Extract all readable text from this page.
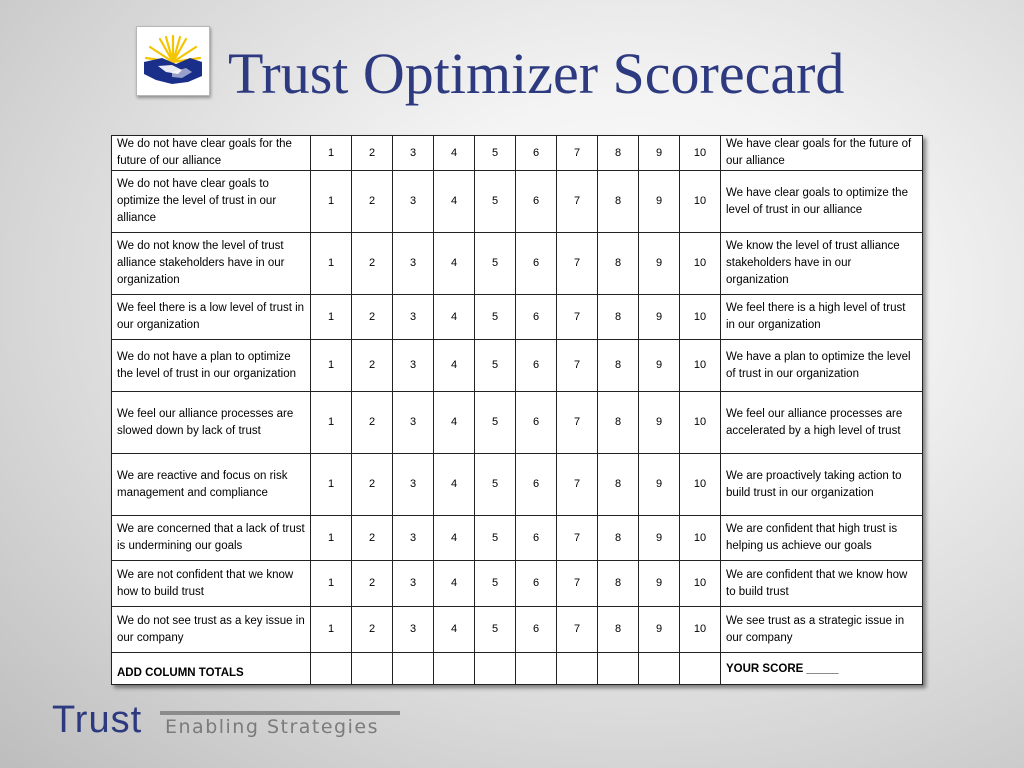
Trust Optimizer Scorecard
We do not have clear goals for the future of our alliance	1	2	3	4	5	6	7	8	9	10	We have clear goals for the future of our alliance
We do not have clear goals to optimize the level of trust in our alliance	1	2	3	4	5	6	7	8	9	10	We have clear goals to optimize the level of trust in our alliance
We do not know the level of trust alliance stakeholders have in our organization	1	2	3	4	5	6	7	8	9	10	We know the level of trust alliance stakeholders have in our organization
We feel there is a low level of trust in our organization	1	2	3	4	5	6	7	8	9	10	We feel there is a high level of trust in our organization
We do not have a plan to optimize the level of trust in our organization	1	2	3	4	5	6	7	8	9	10	We have a plan to optimize the level of trust in our organization
We feel our alliance processes are slowed down by lack of trust	1	2	3	4	5	6	7	8	9	10	We feel our alliance processes are accelerated by a high level of trust
We are reactive and focus on risk management and compliance	1	2	3	4	5	6	7	8	9	10	We are proactively taking action to build trust in our organization
We are concerned that a lack of trust is undermining our goals	1	2	3	4	5	6	7	8	9	10	We are confident that high trust is helping us achieve our goals
We are not confident that we know how to build trust	1	2	3	4	5	6	7	8	9	10	We are confident that we know how to build trust
We do not see trust as a key issue in our company	1	2	3	4	5	6	7	8	9	10	We see trust as a strategic issue in our company
ADD COLUMN TOTALS											YOUR SCORE _____
Trust Enabling Strategies
